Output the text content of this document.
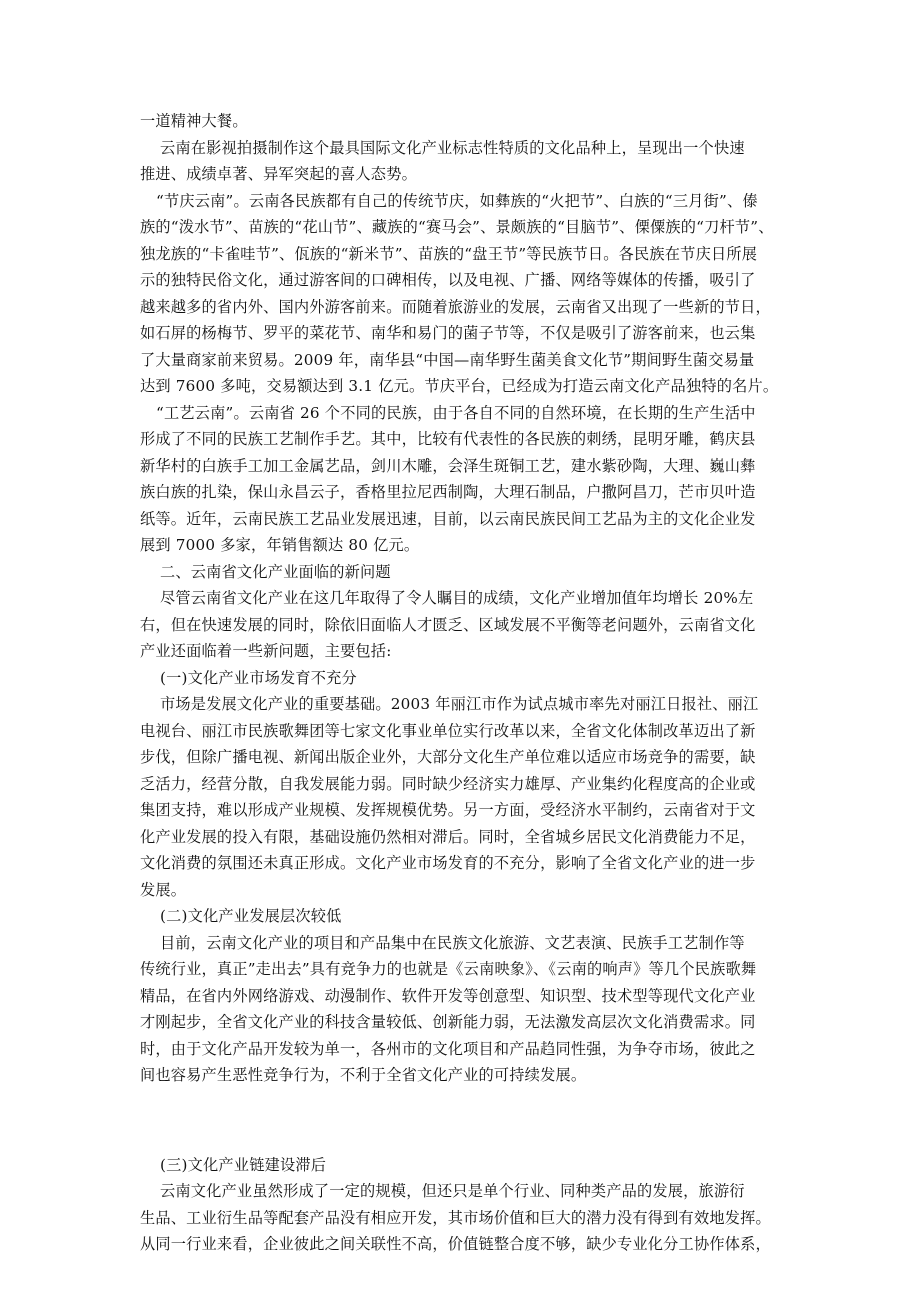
一道精神大餐。
云南在影视拍摄制作这个最具国际文化产业标志性特质的文化品种上，呈现出一个快速
推进、成绩卓著、异军突起的喜人态势。
“节庆云南”。云南各民族都有自己的传统节庆，如彝族的“火把节”、白族的“三月街”、傣
族的“泼水节”、苗族的“花山节”、藏族的“赛马会”、景颇族的“目脑节”、傈僳族的“刀杆节”、
独龙族的“卡雀哇节”、佤族的“新米节”、苗族的“盘王节”等民族节日。各民族在节庆日所展
示的独特民俗文化，通过游客间的口碑相传，以及电视、广播、网络等媒体的传播，吸引了
越来越多的省内外、国内外游客前来。而随着旅游业的发展，云南省又出现了一些新的节日，
如石屏的杨梅节、罗平的菜花节、南华和易门的菌子节等，不仅是吸引了游客前来，也云集
了大量商家前来贸易。2009 年，南华县“中国—南华野生菌美食文化节”期间野生菌交易量
达到 7600 多吨，交易额达到 3.1 亿元。节庆平台，已经成为打造云南文化产品独特的名片。
“工艺云南”。云南省 26 个不同的民族，由于各自不同的自然环境，在长期的生产生活中
形成了不同的民族工艺制作手艺。其中，比较有代表性的各民族的刺绣，昆明牙雕，鹤庆县
新华村的白族手工加工金属艺品，剑川木雕，会泽生斑铜工艺，建水紫砂陶，大理、巍山彝
族白族的扎染，保山永昌云子，香格里拉尼西制陶，大理石制品，户撒阿昌刀，芒市贝叶造
纸等。近年，云南民族工艺品业发展迅速，目前，以云南民族民间工艺品为主的文化企业发
展到 7000 多家，年销售额达 80 亿元。
二、云南省文化产业面临的新问题
尽管云南省文化产业在这几年取得了令人瞩目的成绩，文化产业增加值年均增长 20%左
右，但在快速发展的同时，除依旧面临人才匮乏、区域发展不平衡等老问题外，云南省文化
产业还面临着一些新问题，主要包括:
(一)文化产业市场发育不充分
市场是发展文化产业的重要基础。2003 年丽江市作为试点城市率先对丽江日报社、丽江
电视台、丽江市民族歌舞团等七家文化事业单位实行改革以来，全省文化体制改革迈出了新
步伐，但除广播电视、新闻出版企业外，大部分文化生产单位难以适应市场竞争的需要，缺
乏活力，经营分散，自我发展能力弱。同时缺少经济实力雄厚、产业集约化程度高的企业或
集团支持，难以形成产业规模、发挥规模优势。另一方面，受经济水平制约，云南省对于文
化产业发展的投入有限，基础设施仍然相对滞后。同时，全省城乡居民文化消费能力不足，
文化消费的氛围还未真正形成。文化产业市场发育的不充分，影响了全省文化产业的进一步
发展。
(二)文化产业发展层次较低
目前，云南文化产业的项目和产品集中在民族文化旅游、文艺表演、民族手工艺制作等
传统行业，真正”走出去”具有竞争力的也就是《云南映象》、《云南的响声》等几个民族歌舞
精品，在省内外网络游戏、动漫制作、软件开发等创意型、知识型、技术型等现代文化产业
才刚起步，全省文化产业的科技含量较低、创新能力弱，无法激发高层次文化消费需求。同
时，由于文化产品开发较为单一，各州市的文化项目和产品趋同性强，为争夺市场，彼此之
间也容易产生恶性竞争行为，不利于全省文化产业的可持续发展。
(三)文化产业链建设滞后
云南文化产业虽然形成了一定的规模，但还只是单个行业、同种类产品的发展，旅游衍
生品、工业衍生品等配套产品没有相应开发，其市场价值和巨大的潜力没有得到有效地发挥。
从同一行业来看，企业彼此之间关联性不高，价值链整合度不够，缺少专业化分工协作体系，
